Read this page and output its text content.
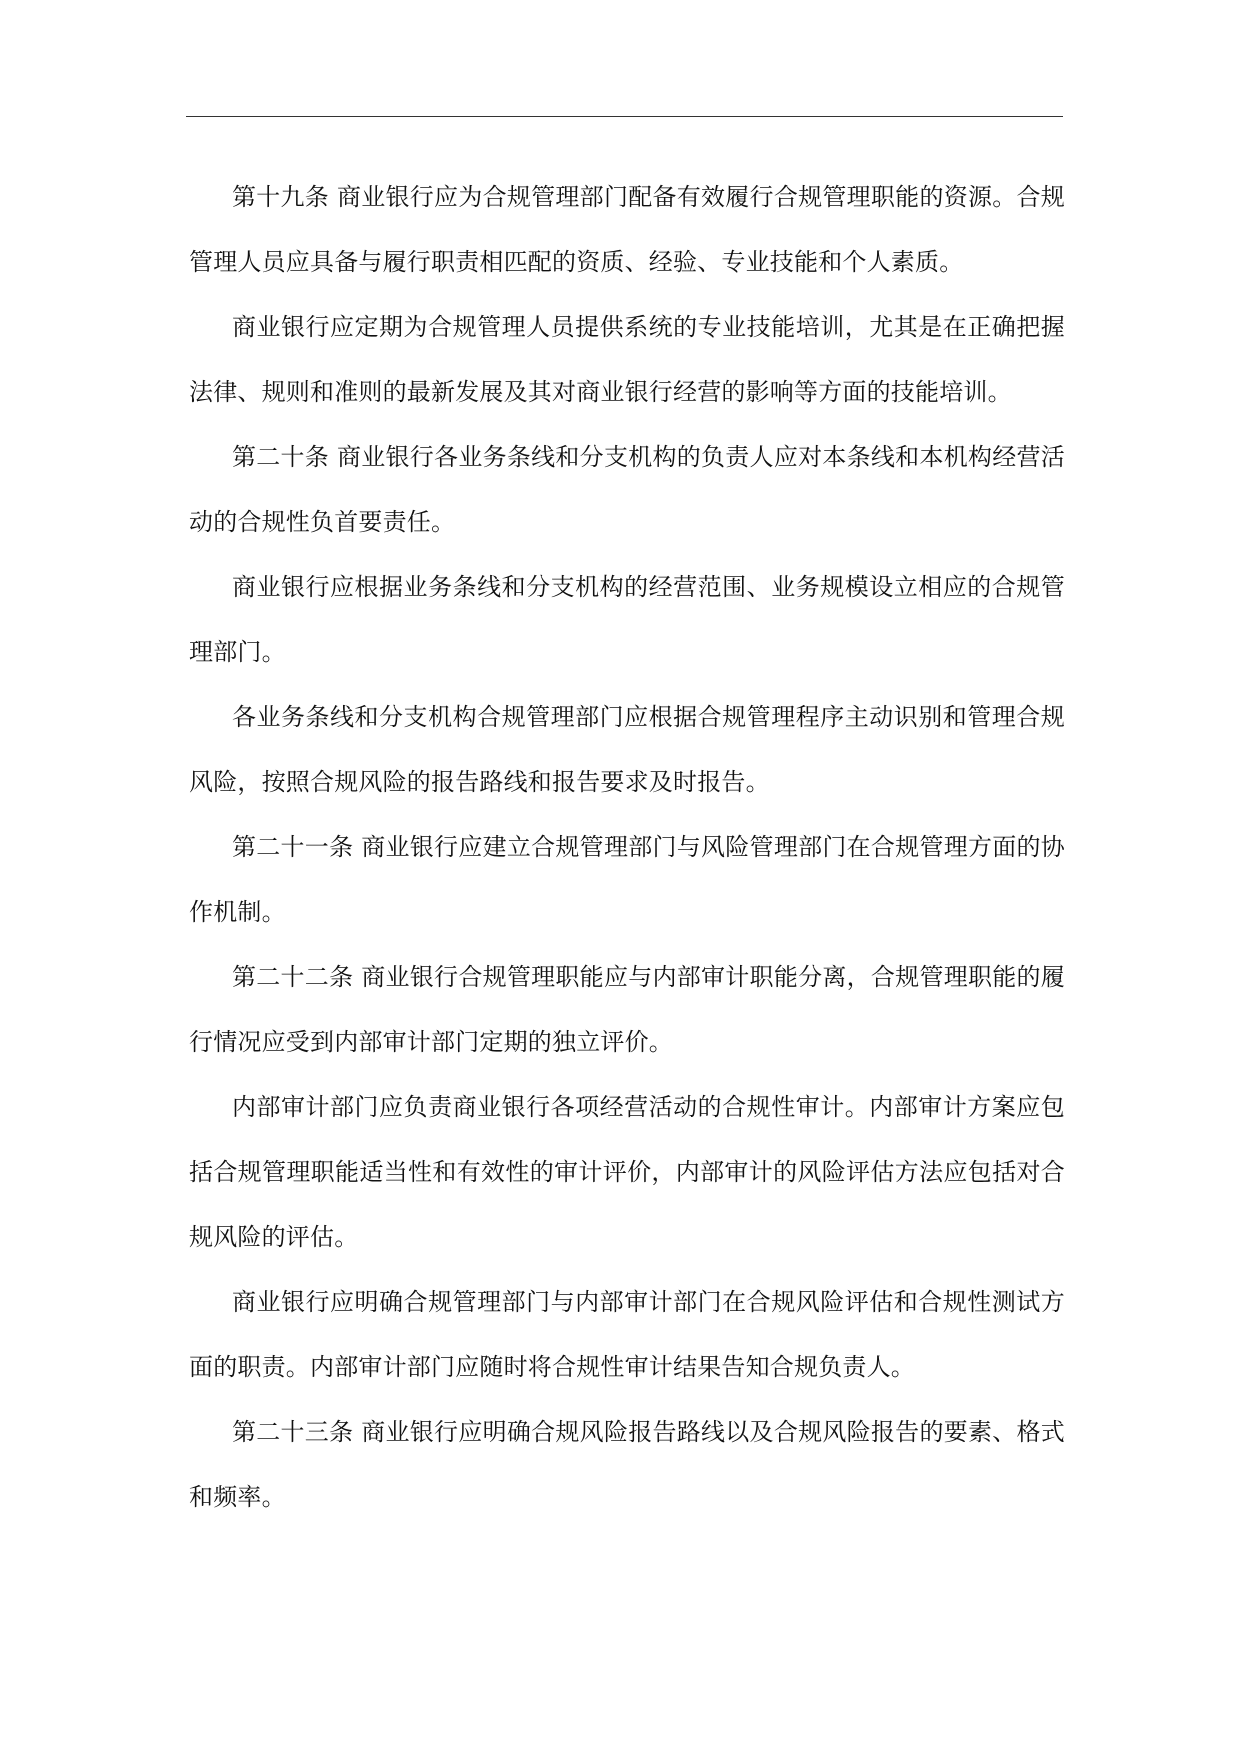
第十九条 商业银行应为合规管理部门配备有效履行合规管理职能的资源。合规管理人员应具备与履行职责相匹配的资质、经验、专业技能和个人素质。

商业银行应定期为合规管理人员提供系统的专业技能培训，尤其是在正确把握法律、规则和准则的最新发展及其对商业银行经营的影响等方面的技能培训。

第二十条 商业银行各业务条线和分支机构的负责人应对本条线和本机构经营活动的合规性负首要责任。

商业银行应根据业务条线和分支机构的经营范围、业务规模设立相应的合规管理部门。

各业务条线和分支机构合规管理部门应根据合规管理程序主动识别和管理合规风险，按照合规风险的报告路线和报告要求及时报告。

第二十一条 商业银行应建立合规管理部门与风险管理部门在合规管理方面的协作机制。

第二十二条 商业银行合规管理职能应与内部审计职能分离，合规管理职能的履行情况应受到内部审计部门定期的独立评价。

内部审计部门应负责商业银行各项经营活动的合规性审计。内部审计方案应包括合规管理职能适当性和有效性的审计评价，内部审计的风险评估方法应包括对合规风险的评估。

商业银行应明确合规管理部门与内部审计部门在合规风险评估和合规性测试方面的职责。内部审计部门应随时将合规性审计结果告知合规负责人。

第二十三条 商业银行应明确合规风险报告路线以及合规风险报告的要素、格式和频率。
